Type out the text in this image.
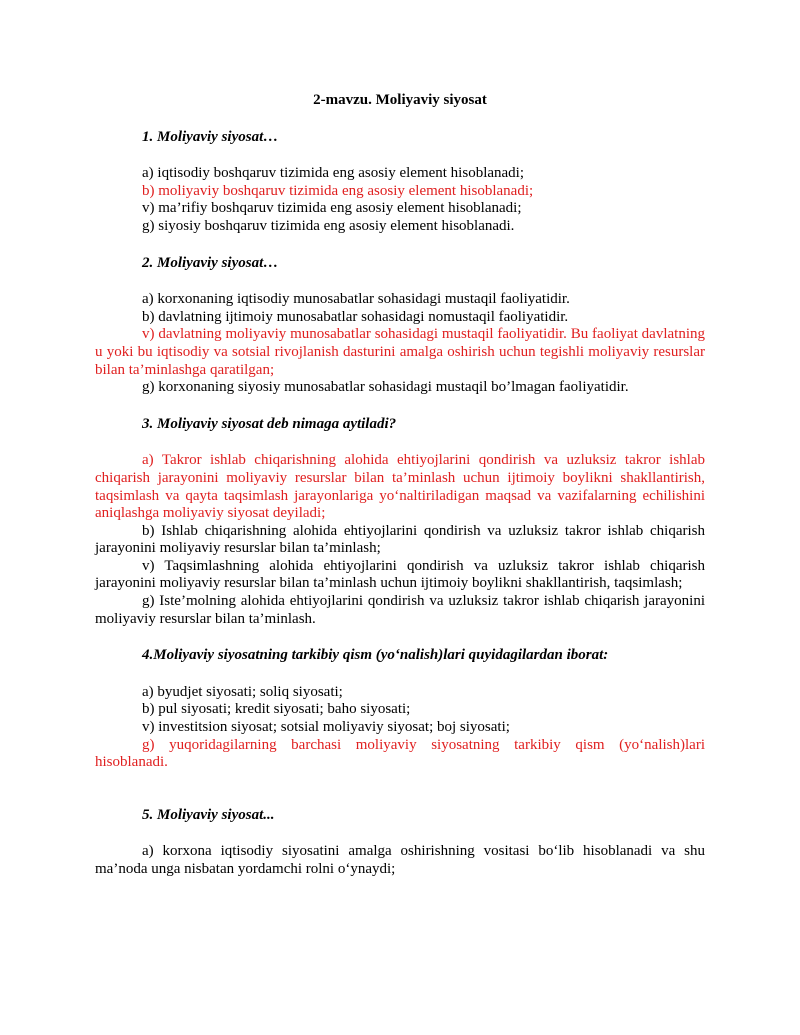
2-mavzu. Moliyaviy siyosat
1. Moliyaviy siyosat…

a) iqtisodiy boshqaruv tizimida eng asosiy element hisoblanadi;

b) moliyaviy boshqaruv tizimida eng asosiy element hisoblanadi;

v) ma’rifiy boshqaruv tizimida eng asosiy element hisoblanadi;

g) siyosiy boshqaruv tizimida eng asosiy element hisoblanadi.

2. Moliyaviy siyosat…

a) korxonaning iqtisodiy munosabatlar sohasidagi mustaqil faoliyatidir.

b) davlatning ijtimoiy munosabatlar sohasidagi nomustaqil faoliyatidir.

v) davlatning moliyaviy munosabatlar sohasidagi mustaqil faoliyatidir. Bu faoliyat davlatning u yoki bu iqtisodiy va sotsial rivojlanish dasturini amalga oshirish uchun tegishli moliyaviy resurslar bilan ta’minlashga qaratilgan;

g) korxonaning siyosiy munosabatlar sohasidagi mustaqil bo’lmagan faoliyatidir.

3. Moliyaviy siyosat deb nimaga aytiladi?

a) Takror ishlab chiqarishning alohida ehtiyojlarini qondirish va uzluksiz takror ishlab chiqarish jarayonini moliyaviy resurslar bilan ta’minlash uchun ijtimoiy boylikni shakllantirish, taqsimlash va qayta taqsimlash jarayonlariga yo‘naltiriladigan maqsad va vazifalarning echilishini aniqlashga moliyaviy siyosat deyiladi;

b) Ishlab chiqarishning alohida ehtiyojlarini qondirish va uzluksiz takror ishlab chiqarish jarayonini moliyaviy resurslar bilan ta’minlash;

v) Taqsimlashning alohida ehtiyojlarini qondirish va uzluksiz takror ishlab chiqarish jarayonini moliyaviy resurslar bilan ta’minlash uchun ijtimoiy boylikni shakllantirish, taqsimlash;

g) Iste’molning alohida ehtiyojlarini qondirish va uzluksiz takror ishlab chiqarish jarayonini moliyaviy resurslar bilan ta’minlash.

4.Moliyaviy siyosatning tarkibiy qism (yo‘nalish)lari quyidagilardan iborat:

a) byudjet siyosati; soliq siyosati;

b) pul siyosati; kredit siyosati; baho siyosati;

v) investitsion siyosat; sotsial moliyaviy siyosat; boj siyosati;

g) yuqoridagilarning barchasi moliyaviy siyosatning tarkibiy qism (yo‘nalish)lari hisoblanadi.

5. Moliyaviy siyosat...

a) korxona iqtisodiy siyosatini amalga oshirishning vositasi bo‘lib hisoblanadi va shu ma’noda unga nisbatan yordamchi rolni o‘ynaydi;
